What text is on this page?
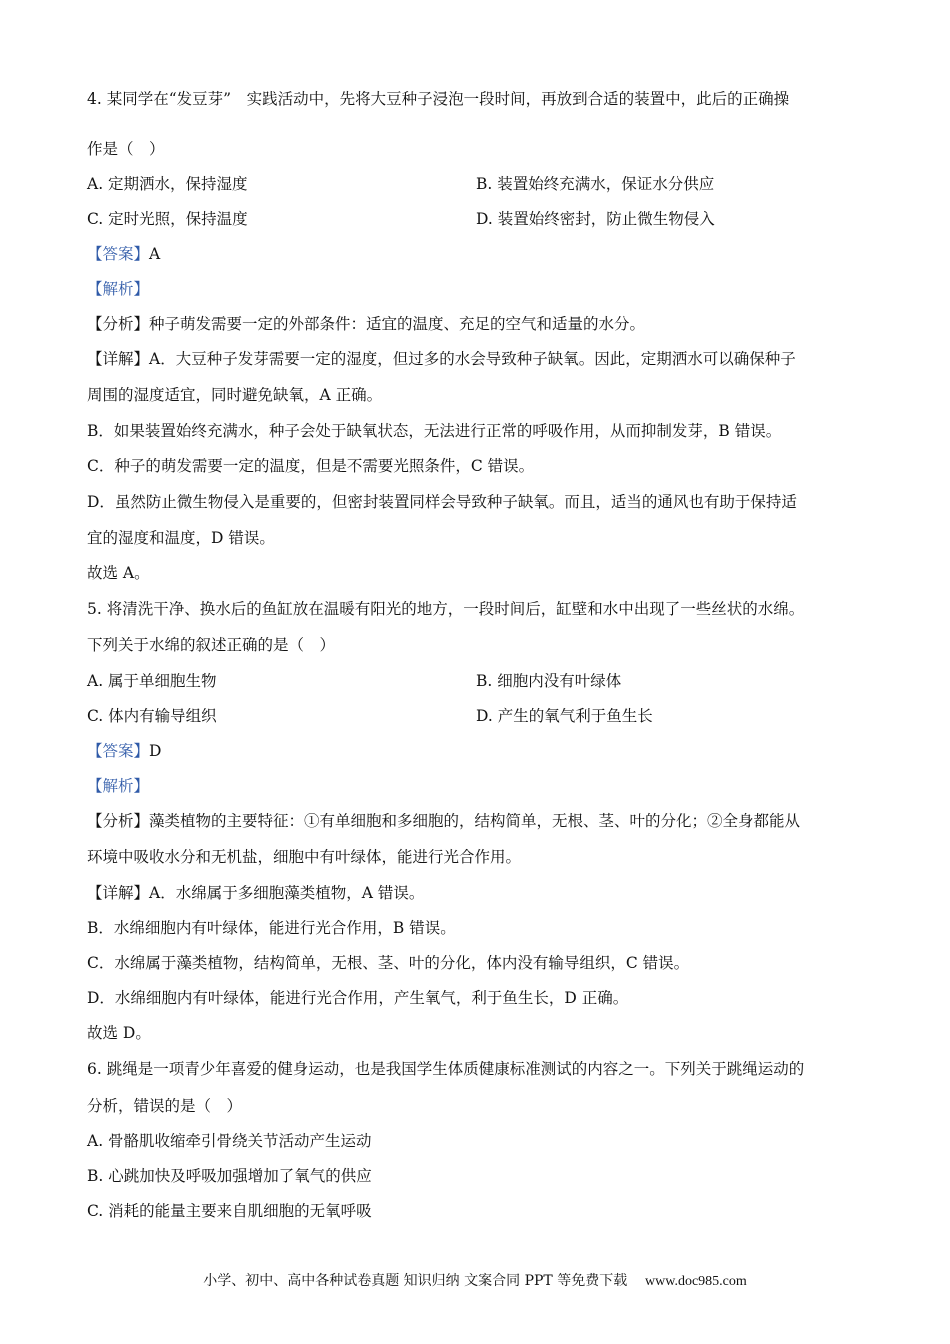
4. 某同学在“发豆芽”　实践活动中，先将大豆种子浸泡一段时间，再放到合适的装置中，此后的正确操
作是（　）
A. 定期洒水，保持湿度	B. 装置始终充满水，保证水分供应
C. 定时光照，保持温度	D. 装置始终密封，防止微生物侵入
【答案】A
【解析】
【分析】种子萌发需要一定的外部条件：适宜的温度、充足的空气和适量的水分。
【详解】A．大豆种子发芽需要一定的湿度，但过多的水会导致种子缺氧。因此，定期洒水可以确保种子
周围的湿度适宜，同时避免缺氧，A 正确。
B．如果装置始终充满水，种子会处于缺氧状态，无法进行正常的呼吸作用，从而抑制发芽，B 错误。
C．种子的萌发需要一定的温度，但是不需要光照条件，C 错误。
D．虽然防止微生物侵入是重要的，但密封装置同样会导致种子缺氧。而且，适当的通风也有助于保持适
宜的湿度和温度，D 错误。
故选 A。
5. 将清洗干净、换水后的鱼缸放在温暖有阳光的地方，一段时间后，缸壁和水中出现了一些丝状的水绵。
下列关于水绵的叙述正确的是（　）
A. 属于单细胞生物	B. 细胞内没有叶绿体
C. 体内有输导组织	D. 产生的氧气利于鱼生长
【答案】D
【解析】
【分析】藻类植物的主要特征：①有单细胞和多细胞的，结构简单，无根、茎、叶的分化；②全身都能从
环境中吸收水分和无机盐，细胞中有叶绿体，能进行光合作用。
【详解】A．水绵属于多细胞藻类植物，A 错误。
B．水绵细胞内有叶绿体，能进行光合作用，B 错误。
C．水绵属于藻类植物，结构简单，无根、茎、叶的分化，体内没有输导组织，C 错误。
D．水绵细胞内有叶绿体，能进行光合作用，产生氧气，利于鱼生长，D 正确。
故选 D。
6. 跳绳是一项青少年喜爱的健身运动，也是我国学生体质健康标准测试的内容之一。下列关于跳绳运动的
分析，错误的是（　）
A. 骨骼肌收缩牵引骨绕关节活动产生运动
B. 心跳加快及呼吸加强增加了氧气的供应
C. 消耗的能量主要来自肌细胞的无氧呼吸
小学、初中、高中各种试卷真题 知识归纳 文案合同 PPT 等免费下载 www.doc985.com
